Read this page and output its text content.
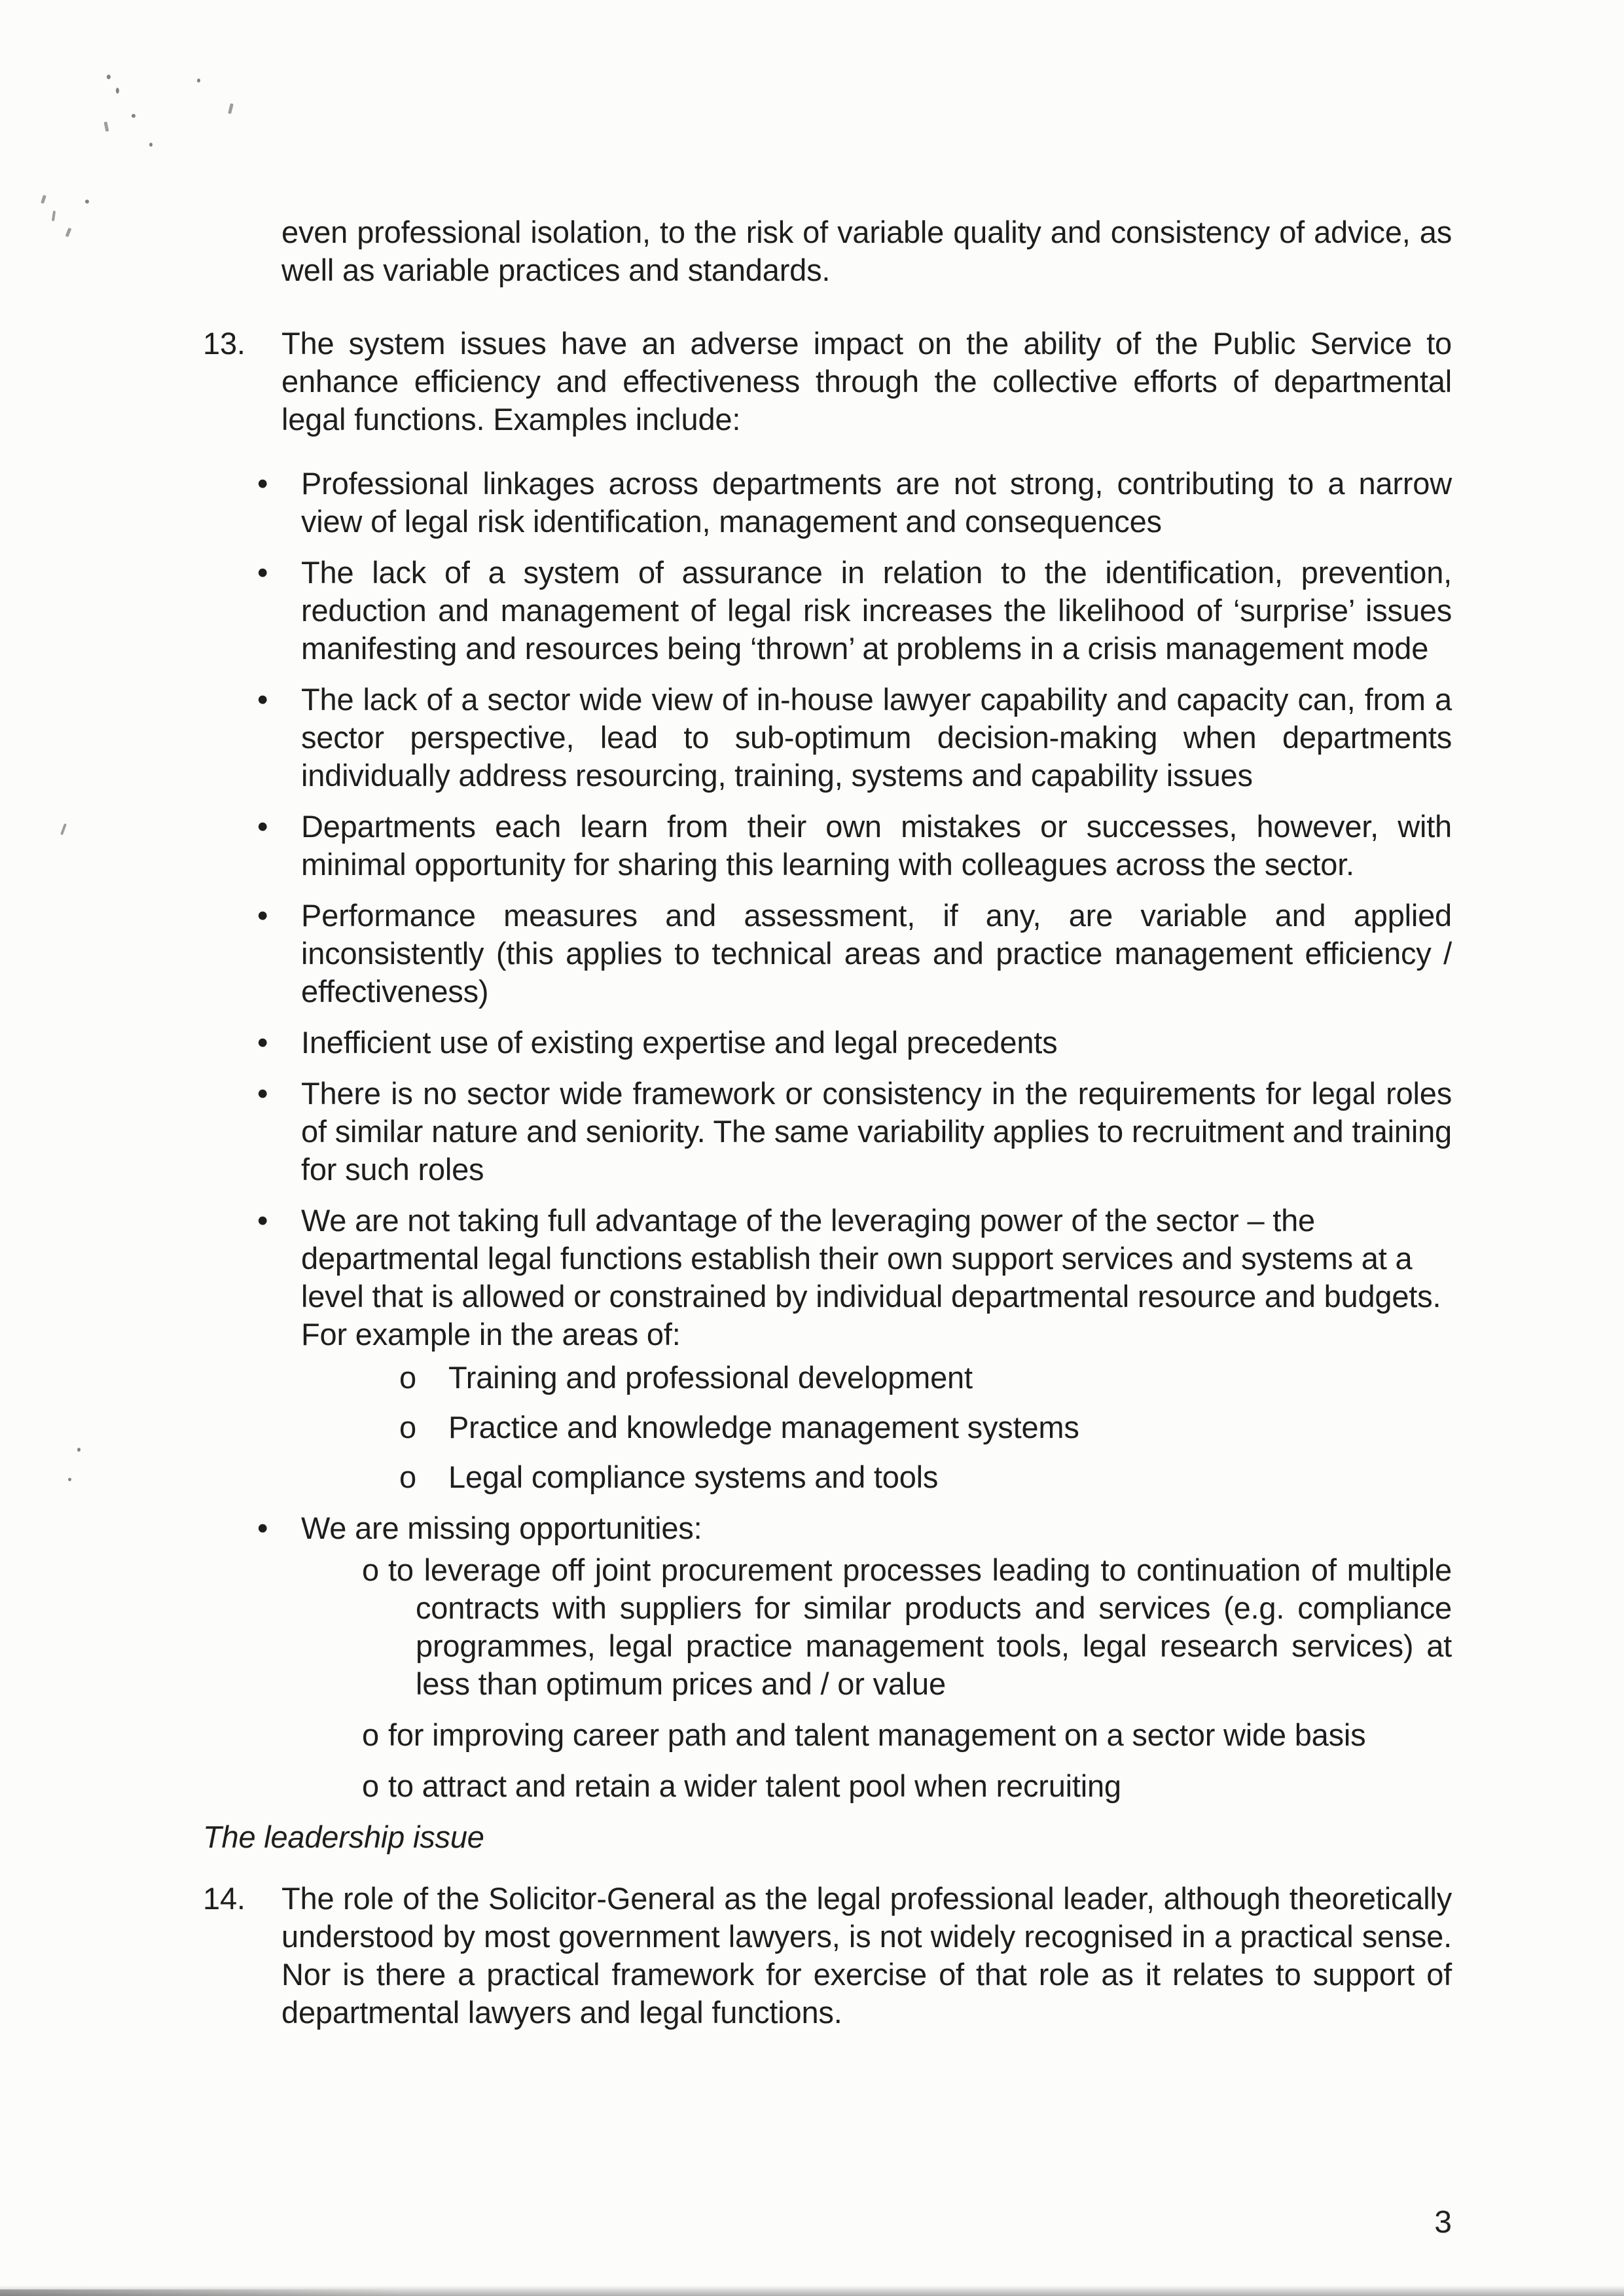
even professional isolation, to the risk of variable quality and consistency of advice, as well as variable practices and standards.

13. The system issues have an adverse impact on the ability of the Public Service to enhance efficiency and effectiveness through the collective efforts of departmental legal functions. Examples include:

• Professional linkages across departments are not strong, contributing to a narrow view of legal risk identification, management and consequences
• The lack of a system of assurance in relation to the identification, prevention, reduction and management of legal risk increases the likelihood of ‘surprise’ issues manifesting and resources being ‘thrown’ at problems in a crisis management mode
• The lack of a sector wide view of in-house lawyer capability and capacity can, from a sector perspective, lead to sub-optimum decision-making when departments individually address resourcing, training, systems and capability issues
• Departments each learn from their own mistakes or successes, however, with minimal opportunity for sharing this learning with colleagues across the sector.
• Performance measures and assessment, if any, are variable and applied inconsistently (this applies to technical areas and practice management efficiency / effectiveness)
• Inefficient use of existing expertise and legal precedents
• There is no sector wide framework or consistency in the requirements for legal roles of similar nature and seniority. The same variability applies to recruitment and training for such roles
• We are not taking full advantage of the leveraging power of the sector – the departmental legal functions establish their own support services and systems at a level that is allowed or constrained by individual departmental resource and budgets. For example in the areas of:
o Training and professional development
o Practice and knowledge management systems
o Legal compliance systems and tools
• We are missing opportunities:
o to leverage off joint procurement processes leading to continuation of multiple contracts with suppliers for similar products and services (e.g. compliance programmes, legal practice management tools, legal research services) at less than optimum prices and / or value
o for improving career path and talent management on a sector wide basis
o to attract and retain a wider talent pool when recruiting

The leadership issue

14. The role of the Solicitor-General as the legal professional leader, although theoretically understood by most government lawyers, is not widely recognised in a practical sense. Nor is there a practical framework for exercise of that role as it relates to support of departmental lawyers and legal functions.

3
